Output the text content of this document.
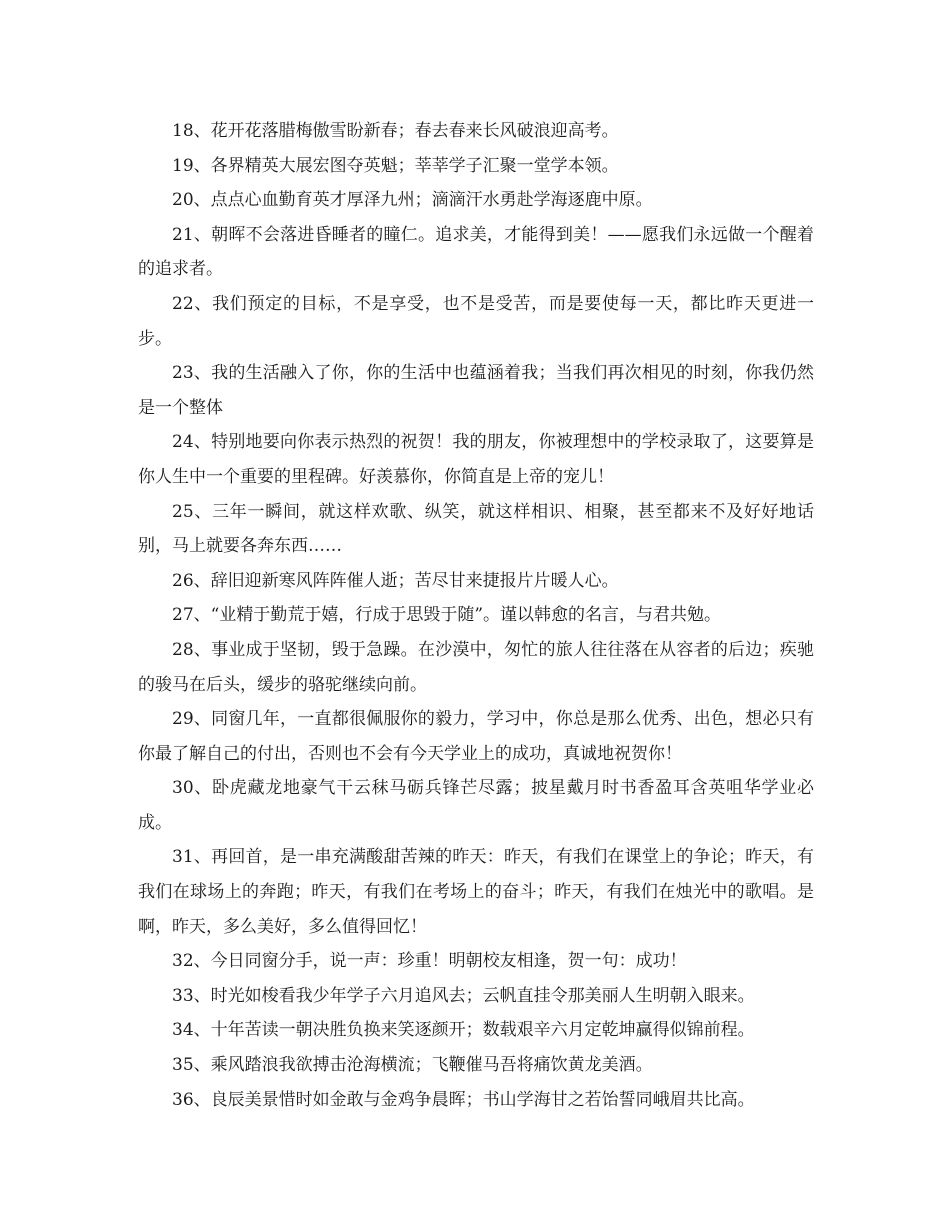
18、花开花落腊梅傲雪盼新春；春去春来长风破浪迎高考。

19、各界精英大展宏图夺英魁；莘莘学子汇聚一堂学本领。

20、点点心血勤育英才厚泽九州；滴滴汗水勇赴学海逐鹿中原。

21、朝晖不会落进昏睡者的瞳仁。追求美，才能得到美！——愿我们永远做一个醒着的追求者。

22、我们预定的目标，不是享受，也不是受苦，而是要使每一天，都比昨天更进一步。

23、我的生活融入了你，你的生活中也蕴涵着我；当我们再次相见的时刻，你我仍然是一个整体

24、特别地要向你表示热烈的祝贺！我的朋友，你被理想中的学校录取了，这要算是你人生中一个重要的里程碑。好羡慕你，你简直是上帝的宠儿！

25、三年一瞬间，就这样欢歌、纵笑，就这样相识、相聚，甚至都来不及好好地话别，马上就要各奔东西……

26、辞旧迎新寒风阵阵催人逝；苦尽甘来捷报片片暖人心。

27、“业精于勤荒于嬉，行成于思毁于随”。谨以韩愈的名言，与君共勉。

28、事业成于坚韧，毁于急躁。在沙漠中，匆忙的旅人往往落在从容者的后边；疾驰的骏马在后头，缓步的骆驼继续向前。

29、同窗几年，一直都很佩服你的毅力，学习中，你总是那么优秀、出色，想必只有你最了解自己的付出，否则也不会有今天学业上的成功，真诚地祝贺你！

30、卧虎藏龙地豪气干云秣马砺兵锋芒尽露；披星戴月时书香盈耳含英咀华学业必成。

31、再回首，是一串充满酸甜苦辣的昨天：昨天，有我们在课堂上的争论；昨天，有我们在球场上的奔跑；昨天，有我们在考场上的奋斗；昨天，有我们在烛光中的歌唱。是啊，昨天，多么美好，多么值得回忆！

32、今日同窗分手，说一声：珍重！明朝校友相逢，贺一句：成功！

33、时光如梭看我少年学子六月追风去；云帆直挂令那美丽人生明朝入眼来。

34、十年苦读一朝决胜负换来笑逐颜开；数载艰辛六月定乾坤赢得似锦前程。

35、乘风踏浪我欲搏击沧海横流；飞鞭催马吾将痛饮黄龙美酒。

36、良辰美景惜时如金敢与金鸡争晨晖；书山学海甘之若饴誓同峨眉共比高。
